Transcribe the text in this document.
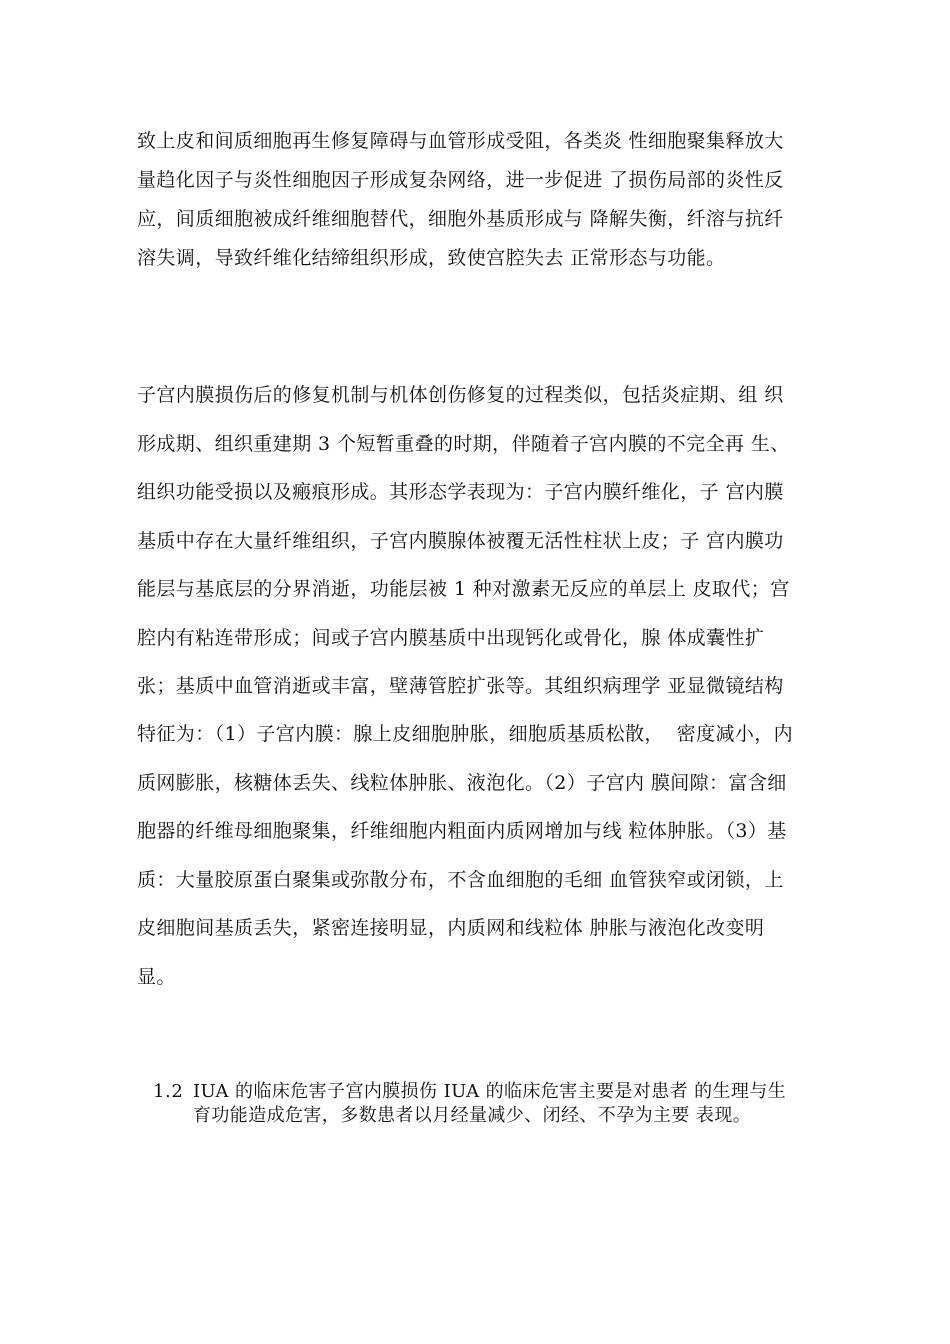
致上皮和间质细胞再生修复障碍与血管形成受阻，各类炎 性细胞聚集释放大
量趋化因子与炎性细胞因子形成复杂网络，进一步促进 了损伤局部的炎性反
应，间质细胞被成纤维细胞替代，细胞外基质形成与 降解失衡，纤溶与抗纤
溶失调，导致纤维化结缔组织形成，致使宫腔失去 正常形态与功能。
子宫内膜损伤后的修复机制与机体创伤修复的过程类似，包括炎症期、组 织
形成期、组织重建期 3 个短暂重叠的时期，伴随着子宫内膜的不完全再 生、
组织功能受损以及瘢痕形成。其形态学表现为：子宫内膜纤维化，子 宫内膜
基质中存在大量纤维组织，子宫内膜腺体被覆无活性柱状上皮；子 宫内膜功
能层与基底层的分界消逝，功能层被 1 种对激素无反应的单层上 皮取代；宫
腔内有粘连带形成；间或子宫内膜基质中出现钙化或骨化，腺 体成囊性扩
张；基质中血管消逝或丰富，壁薄管腔扩张等。其组织病理学 亚显微镜结构
特征为：（1）子宫内膜：腺上皮细胞肿胀，细胞质基质松散，  密度减小，内
质网膨胀，核糖体丢失、线粒体肿胀、液泡化。（2）子宫内 膜间隙：富含细
胞器的纤维母细胞聚集，纤维细胞内粗面内质网增加与线 粒体肿胀。（3）基
质：大量胶原蛋白聚集或弥散分布，不含血细胞的毛细 血管狭窄或闭锁，上
皮细胞间基质丢失，紧密连接明显，内质网和线粒体 肿胀与液泡化改变明
显。
1.2 IUA 的临床危害子宫内膜损伤 IUA 的临床危害主要是对患者 的生理与生
育功能造成危害，多数患者以月经量减少、闭经、不孕为主要 表现。
